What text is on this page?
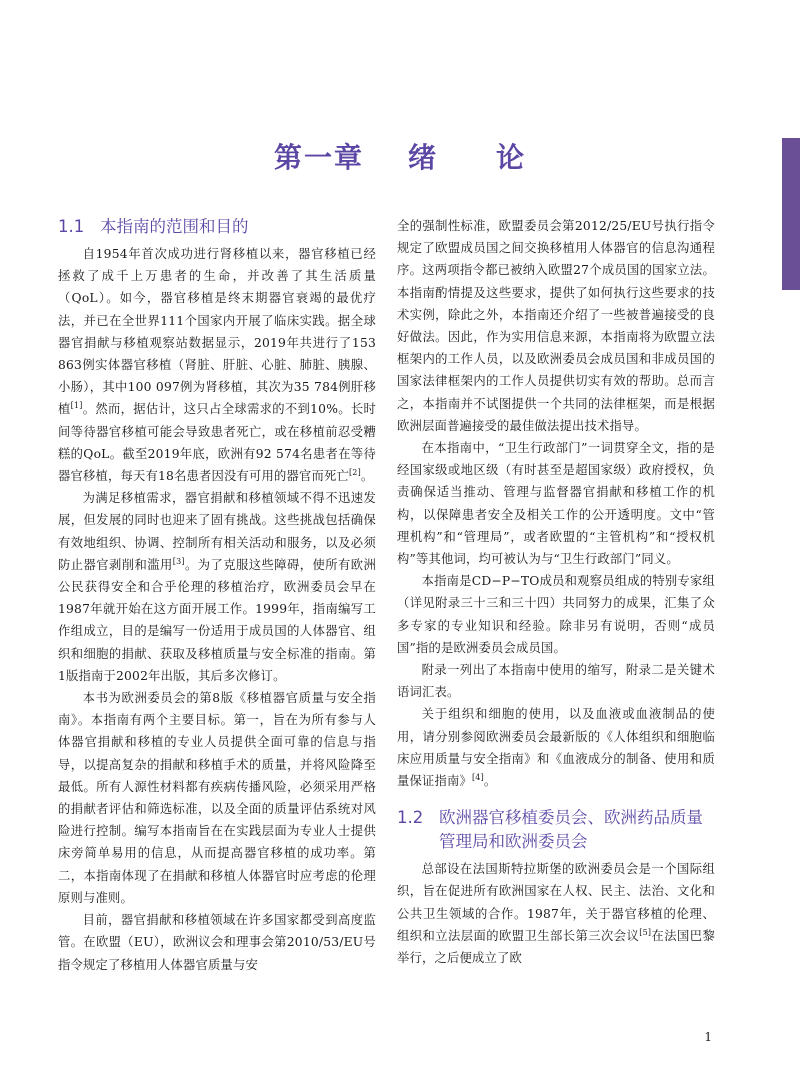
第一章 绪 论
1.1 本指南的范围和目的

自1954年首次成功进行肾移植以来，器官移植已经拯救了成千上万患者的生命，并改善了其生活质量（QoL）。如今，器官移植是终末期器官衰竭的最优疗法，并已在全世界111个国家内开展了临床实践。据全球器官捐献与移植观察站数据显示，2019年共进行了153 863例实体器官移植（肾脏、肝脏、心脏、肺脏、胰腺、小肠），其中100 097例为肾移植，其次为35 784例肝移植[1]。然而，据估计，这只占全球需求的不到10%。长时间等待器官移植可能会导致患者死亡，或在移植前忍受糟糕的QoL。截至2019年底，欧洲有92 574名患者在等待器官移植，每天有18名患者因没有可用的器官而死亡[2]。

为满足移植需求，器官捐献和移植领域不得不迅速发展，但发展的同时也迎来了固有挑战。这些挑战包括确保有效地组织、协调、控制所有相关活动和服务，以及必须防止器官剥削和滥用[3]。为了克服这些障碍，使所有欧洲公民获得安全和合乎伦理的移植治疗，欧洲委员会早在1987年就开始在这方面开展工作。1999年，指南编写工作组成立，目的是编写一份适用于成员国的人体器官、组织和细胞的捐献、获取及移植质量与安全标准的指南。第1版指南于2002年出版，其后多次修订。

本书为欧洲委员会的第8版《移植器官质量与安全指南》。本指南有两个主要目标。第一，旨在为所有参与人体器官捐献和移植的专业人员提供全面可靠的信息与指导，以提高复杂的捐献和移植手术的质量，并将风险降至最低。所有人源性材料都有疾病传播风险，必须采用严格的捐献者评估和筛选标准，以及全面的质量评估系统对风险进行控制。编写本指南旨在在实践层面为专业人士提供床旁简单易用的信息，从而提高器官移植的成功率。第二，本指南体现了在捐献和移植人体器官时应考虑的伦理原则与准则。

目前，器官捐献和移植领域在许多国家都受到高度监管。在欧盟（EU），欧洲议会和理事会第2010/53/EU号指令规定了移植用人体器官质量与安

全的强制性标准，欧盟委员会第2012/25/EU号执行指令规定了欧盟成员国之间交换移植用人体器官的信息沟通程序。这两项指令都已被纳入欧盟27个成员国的国家立法。本指南酌情提及这些要求，提供了如何执行这些要求的技术实例，除此之外，本指南还介绍了一些被普遍接受的良好做法。因此，作为实用信息来源，本指南将为欧盟立法框架内的工作人员，以及欧洲委员会成员国和非成员国的国家法律框架内的工作人员提供切实有效的帮助。总而言之，本指南并不试图提供一个共同的法律框架，而是根据欧洲层面普遍接受的最佳做法提出技术指导。

在本指南中，“卫生行政部门”一词贯穿全文，指的是经国家级或地区级（有时甚至是超国家级）政府授权，负责确保适当推动、管理与监督器官捐献和移植工作的机构，以保障患者安全及相关工作的公开透明度。文中“管理机构”和“管理局”，或者欧盟的“主管机构”和“授权机构”等其他词，均可被认为与“卫生行政部门”同义。

本指南是CD−P−TO成员和观察员组成的特别专家组（详见附录三十三和三十四）共同努力的成果，汇集了众多专家的专业知识和经验。除非另有说明，否则“成员国”指的是欧洲委员会成员国。

附录一列出了本指南中使用的缩写，附录二是关键术语词汇表。

关于组织和细胞的使用，以及血液或血液制品的使用，请分别参阅欧洲委员会最新版的《人体组织和细胞临床应用质量与安全指南》和《血液成分的制备、使用和质量保证指南》[4]。

1.2 欧洲器官移植委员会、欧洲药品质量管理局和欧洲委员会

总部设在法国斯特拉斯堡的欧洲委员会是一个国际组织，旨在促进所有欧洲国家在人权、民主、法治、文化和公共卫生领域的合作。1987年，关于器官移植的伦理、组织和立法层面的欧盟卫生部长第三次会议[5]在法国巴黎举行，之后便成立了欧

1
